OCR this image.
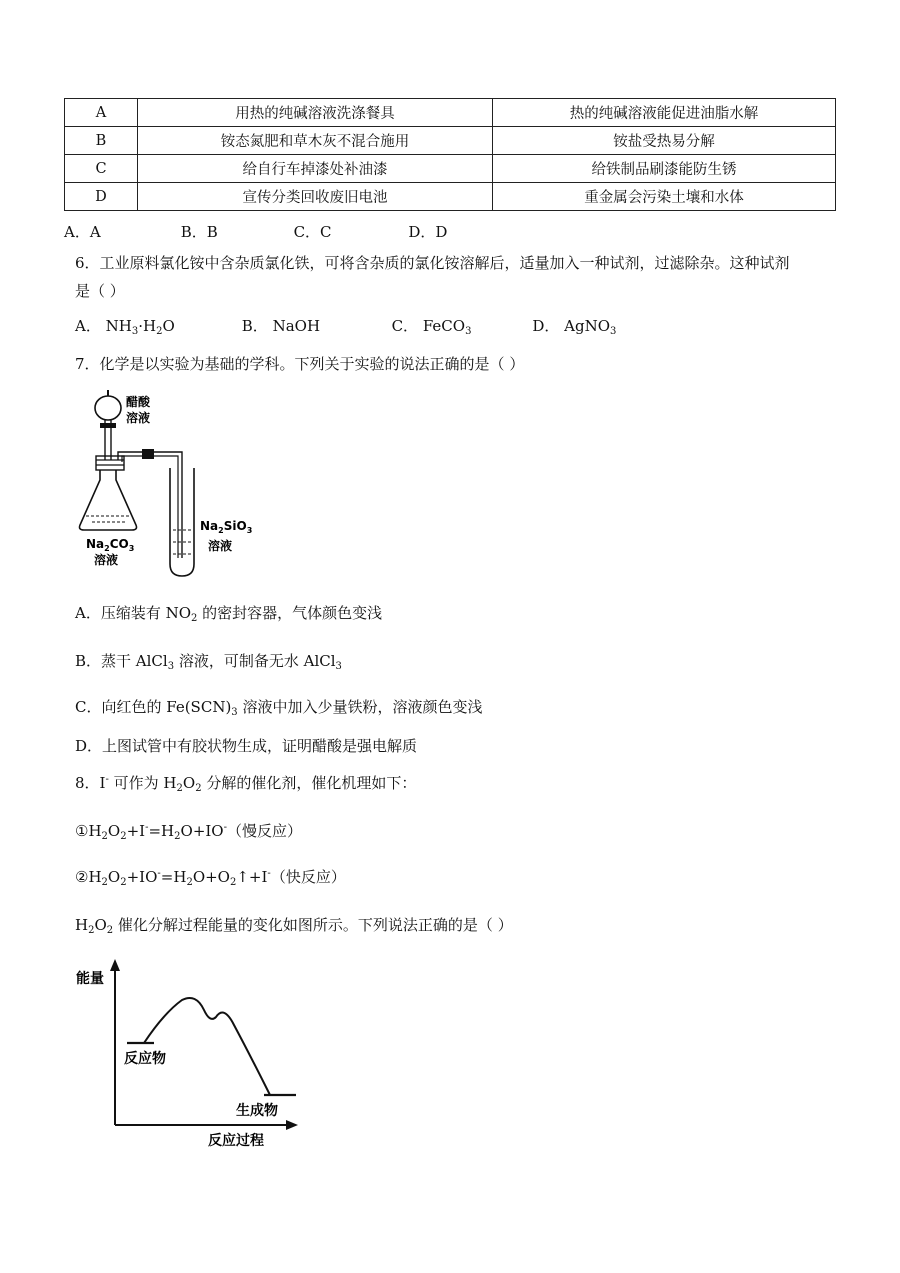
A	用热的纯碱溶液洗涤餐具	热的纯碱溶液能促进油脂水解
B	铵态氮肥和草木灰不混合施用	铵盐受热易分解
C	给自行车掉漆处补油漆	给铁制品刷漆能防生锈
D	宣传分类回收废旧电池	重金属会污染土壤和水体
A．A	B．B	C．C	D．D
6．工业原料氯化铵中含杂质氯化铁，可将含杂质的氯化铵溶解后，适量加入一种试剂，过滤除杂。这种试剂
是（ ）
A． $NH_3\cdot H_2O$	B． NaOH	C． FeCO$_3$	D． AgNO$_3$
7．化学是以实验为基础的学科。下列关于实验的说法正确的是（ ）
醋酸
溶液
$Na_2CO_3$
溶液
$Na_2SiO_3$
溶液
A．压缩装有 $NO_2$ 的密封容器，气体颜色变浅
B．蒸干 AlCl$_3$ 溶液，可制备无水 AlCl$_3$
C．向红色的 $Fe(SCN)_3$ 溶液中加入少量铁粉，溶液颜色变浅
D．上图试管中有胶状物生成，证明醋酸是强电解质
8．I- 可作为 $H_2O_2$ 分解的催化剂，催化机理如下：
$①H_2O_2+I^-=H_2O+IO^-$（慢反应）
$②H_2O_2+IO^-=H_2O+O_2↑+I^-$（快反应）
$H_2O_2$ 催化分解过程能量的变化如图所示。下列说法正确的是（ ）
能量
反应过程
反应物
生成物
